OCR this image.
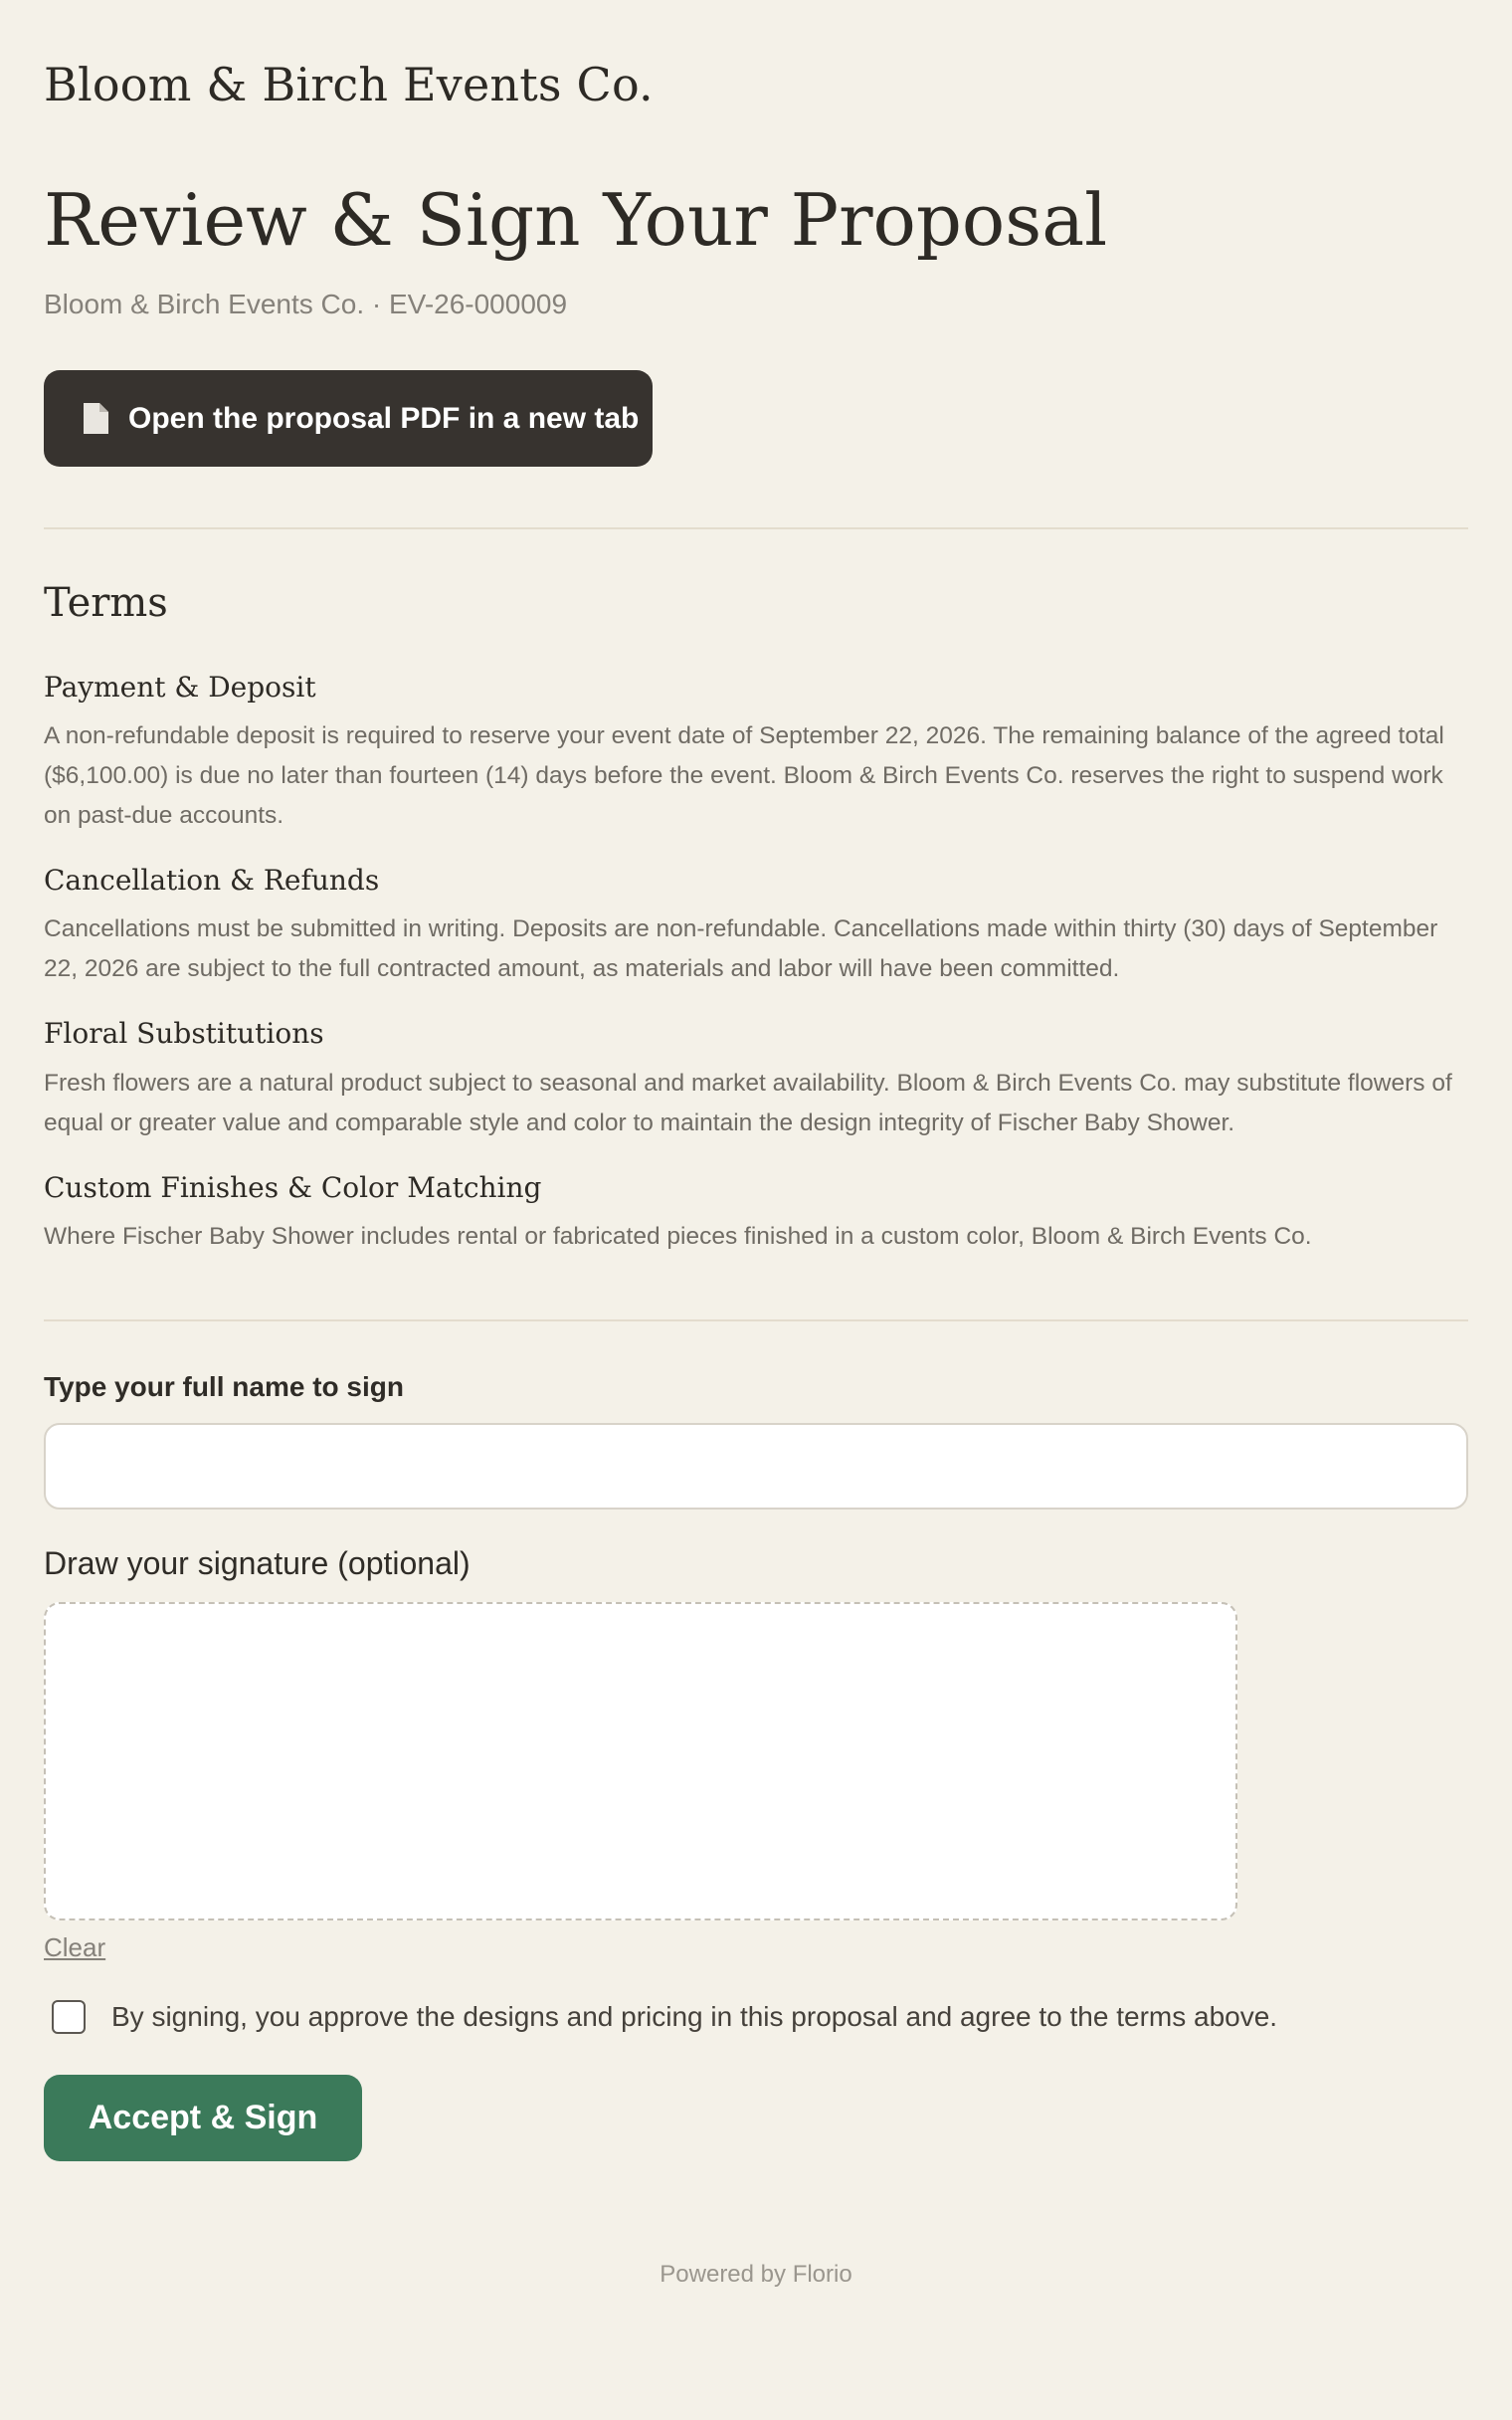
Bloom & Birch Events Co.
Review & Sign Your Proposal
Bloom & Birch Events Co. · EV-26-000009
Open the proposal PDF in a new tab
Terms
Payment & Deposit
A non-refundable deposit is required to reserve your event date of September 22, 2026. The remaining balance of the agreed total ($6,100.00) is due no later than fourteen (14) days before the event. Bloom & Birch Events Co. reserves the right to suspend work on past-due accounts.
Cancellation & Refunds
Cancellations must be submitted in writing. Deposits are non-refundable. Cancellations made within thirty (30) days of September 22, 2026 are subject to the full contracted amount, as materials and labor will have been committed.
Floral Substitutions
Fresh flowers are a natural product subject to seasonal and market availability. Bloom & Birch Events Co. may substitute flowers of equal or greater value and comparable style and color to maintain the design integrity of Fischer Baby Shower.
Custom Finishes & Color Matching
Where Fischer Baby Shower includes rental or fabricated pieces finished in a custom color, Bloom & Birch Events Co.
Type your full name to sign
Draw your signature (optional)
Clear
By signing, you approve the designs and pricing in this proposal and agree to the terms above.
Accept & Sign
Powered by Florio
